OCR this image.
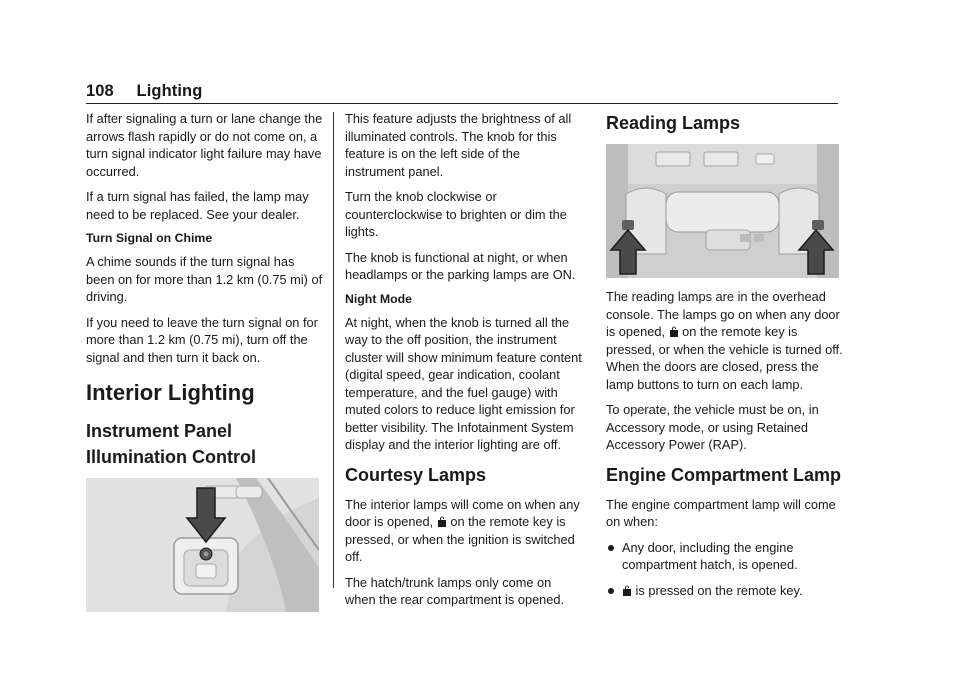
108 Lighting

If after signaling a turn or lane change the arrows flash rapidly or do not come on, a turn signal indicator light failure may have occurred.

If a turn signal has failed, the lamp may need to be replaced. See your dealer.

Turn Signal on Chime

A chime sounds if the turn signal has been on for more than 1.2 km (0.75 mi) of driving.

If you need to leave the turn signal on for more than 1.2 km (0.75 mi), turn off the signal and then turn it back on.

Interior Lighting
Instrument Panel Illumination Control

This feature adjusts the brightness of all illuminated controls. The knob for this feature is on the left side of the instrument panel.

Turn the knob clockwise or counterclockwise to brighten or dim the lights.

The knob is functional at night, or when headlamps or the parking lamps are ON.

Night Mode

At night, when the knob is turned all the way to the off position, the instrument cluster will show minimum feature content (digital speed, gear indication, coolant temperature, and the fuel gauge) with muted colors to reduce light emission for better visibility. The Infotainment System display and the interior lighting are off.

Courtesy Lamps

The interior lamps will come on when any door is opened,  on the remote key is pressed, or when the ignition is switched off.

The hatch/trunk lamps only come on when the rear compartment is opened.

Reading Lamps

The reading lamps are in the overhead console. The lamps go on when any door is opened,  on the remote key is pressed, or when the vehicle is turned off. When the doors are closed, press the lamp buttons to turn on each lamp.

To operate, the vehicle must be on, in Accessory mode, or using Retained Accessory Power (RAP).

Engine Compartment Lamp

The engine compartment lamp will come on when:

Any door, including the engine compartment hatch, is opened.
is pressed on the remote key.
